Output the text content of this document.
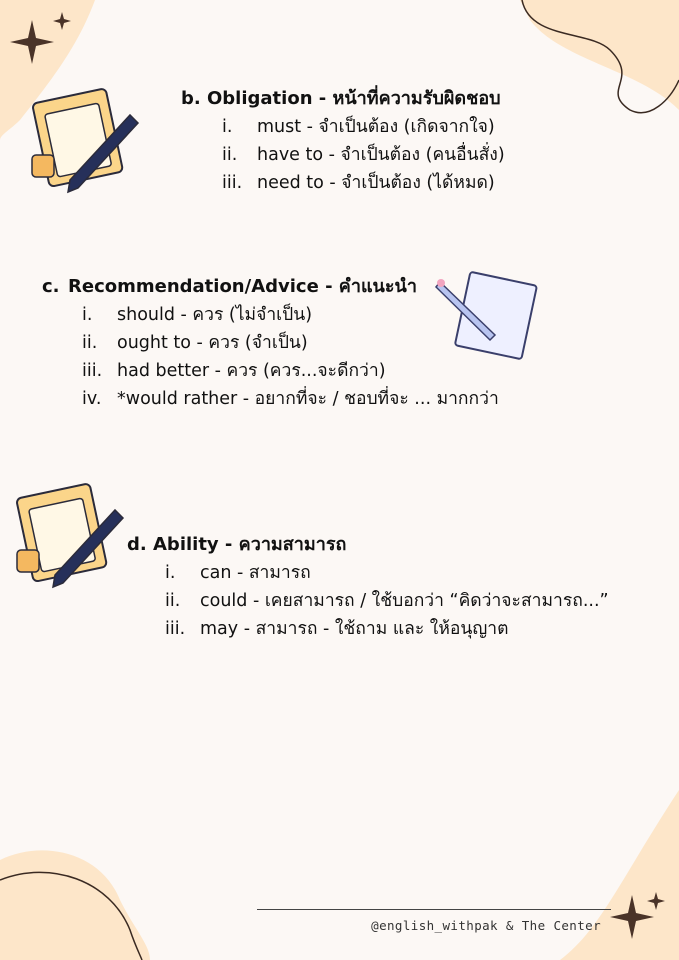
b. Obligation - หน้าที่ความรับผิดชอบ
i. must - จำเป็นต้อง (เกิดจากใจ)
ii. have to - จำเป็นต้อง (คนอื่นสั่ง)
iii. need to - จำเป็นต้อง (ได้หมด)
c. Recommendation/Advice - คำแนะนำ
i. should - ควร (ไม่จำเป็น)
ii. ought to - ควร (จำเป็น)
iii. had better - ควร (ควร...จะดีกว่า)
iv. *would rather - อยากที่จะ / ชอบที่จะ ... มากกว่า
d. Ability - ความสามารถ
i. can - สามารถ
ii. could - เคยสามารถ / ใช้บอกว่า “คิดว่าจะสามารถ...”
iii. may - สามารถ - ใช้ถาม และ ให้อนุญาต
@english_withpak & The Center
